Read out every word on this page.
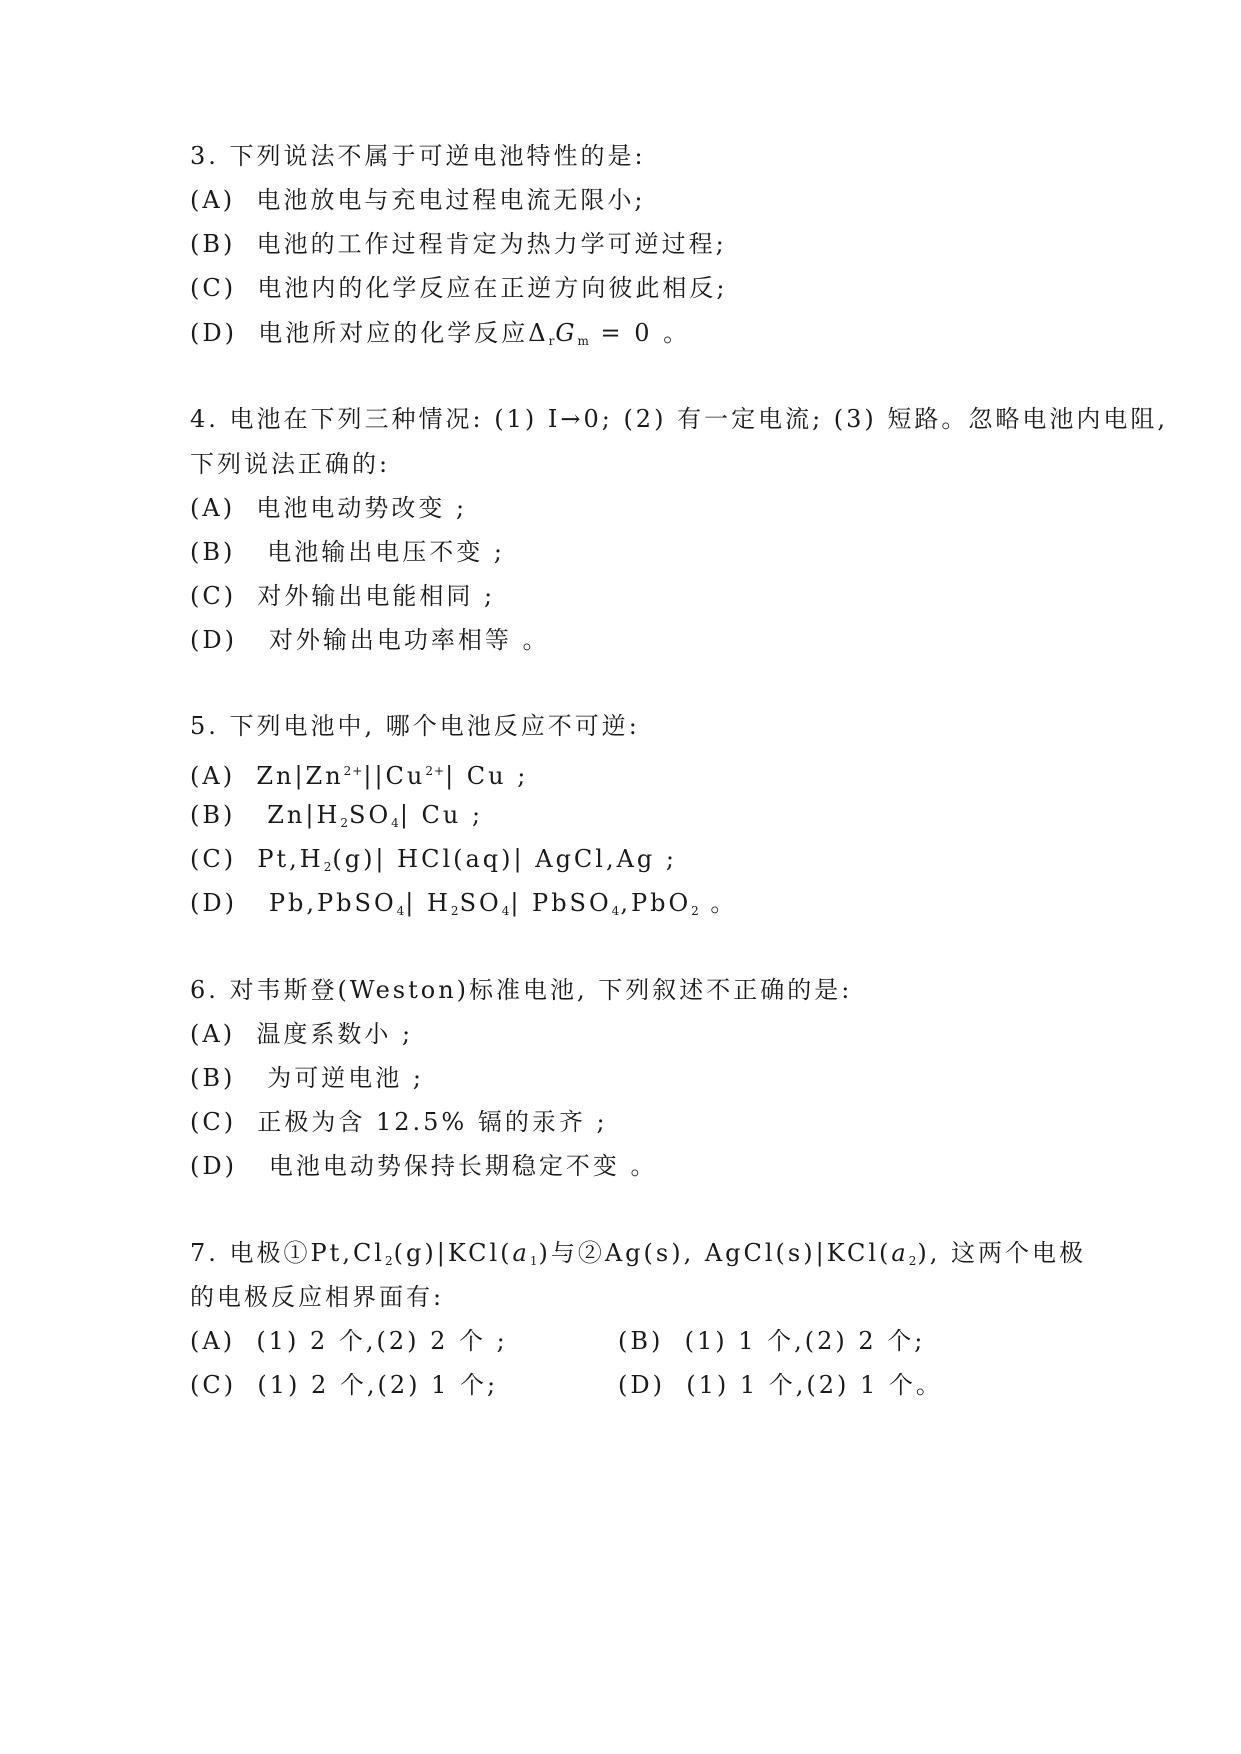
3. 下列说法不属于可逆电池特性的是:
(A)  电池放电与充电过程电流无限小;
(B)  电池的工作过程肯定为热力学可逆过程;
(C)  电池内的化学反应在正逆方向彼此相反;
(D)  电池所对应的化学反应$\Delta_rG_m = 0$ 。
4. 电池在下列三种情况: (1) I→0; (2) 有一定电流; (3) 短路。忽略电池内电阻,
下列说法正确的:
(A)  电池电动势改变 ;
(B)   电池输出电压不变 ;
(C)  对外输出电能相同 ;
(D)   对外输出电功率相等 。
5. 下列电池中, 哪个电池反应不可逆:
(A)  $Zn|Zn^{2+}||Cu^{2+}|$ Cu ;
(B)   $Zn|H_2SO_4|$ Cu ;
(C)  $Pt,H_2(g)|$ HCl(aq)| AgCl,Ag ;
(D)   Pb,PbSO$_4$| $H_2SO_4|$ PbSO$_4$,PbO$_2$ 。
6. 对韦斯登(Weston)标准电池, 下列叙述不正确的是:
(A)  温度系数小 ;
(B)   为可逆电池 ;
(C)  正极为含 12.5% 镉的汞齐 ;
(D)   电池电动势保持长期稳定不变 。
7. 电极$①Pt,Cl_2(g)|KCl(a_1)$与②Ag(s), $AgCl(s)|KCl(a_2)$, 这两个电极
的电极反应相界面有:
(A)  (1) 2 个,(2) 2 个 ;	(B)  (1) 1 个,(2) 2 个;
(C)  (1) 2 个,(2) 1 个;	(D)  (1) 1 个,(2) 1 个。
